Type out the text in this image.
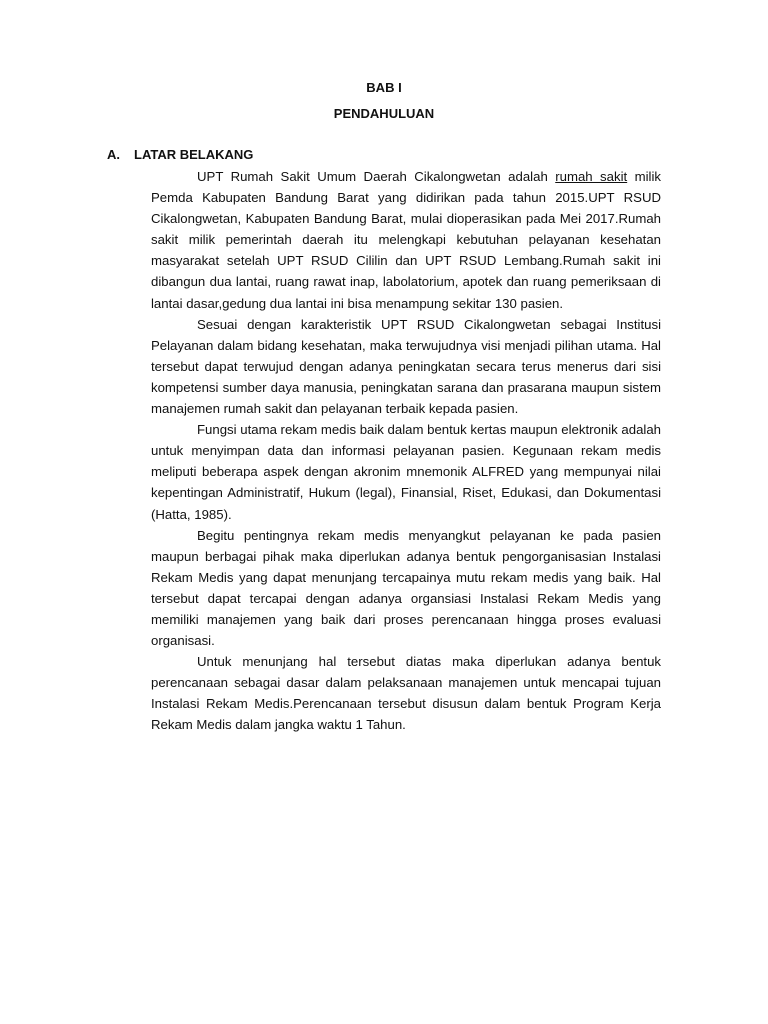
BAB I
PENDAHULUAN
A. LATAR BELAKANG

UPT Rumah Sakit Umum Daerah Cikalongwetan adalah rumah sakit milik Pemda Kabupaten Bandung Barat yang didirikan pada tahun 2015.UPT RSUD Cikalongwetan, Kabupaten Bandung Barat, mulai dioperasikan pada Mei 2017.Rumah sakit milik pemerintah daerah itu melengkapi kebutuhan pelayanan kesehatan masyarakat setelah UPT RSUD Cililin dan UPT RSUD Lembang.Rumah sakit ini dibangun dua lantai, ruang rawat inap, labolatorium, apotek dan ruang pemeriksaan di lantai dasar,gedung dua lantai ini bisa menampung sekitar 130 pasien.

Sesuai dengan karakteristik UPT RSUD Cikalongwetan sebagai Institusi Pelayanan dalam bidang kesehatan, maka terwujudnya visi menjadi pilihan utama. Hal tersebut dapat terwujud dengan adanya peningkatan secara terus menerus dari sisi kompetensi sumber daya manusia, peningkatan sarana dan prasarana maupun sistem manajemen rumah sakit dan pelayanan terbaik kepada pasien.

Fungsi utama rekam medis baik dalam bentuk kertas maupun elektronik adalah untuk menyimpan data dan informasi pelayanan pasien. Kegunaan rekam medis meliputi beberapa aspek dengan akronim mnemonik ALFRED yang mempunyai nilai kepentingan Administratif, Hukum (legal), Finansial, Riset, Edukasi, dan Dokumentasi (Hatta, 1985).

Begitu pentingnya rekam medis menyangkut pelayanan ke pada pasien maupun berbagai pihak maka diperlukan adanya bentuk pengorganisasian Instalasi Rekam Medis yang dapat menunjang tercapainya mutu rekam medis yang baik. Hal tersebut dapat tercapai dengan adanya organsiasi Instalasi Rekam Medis yang memiliki manajemen yang baik dari proses perencanaan hingga proses evaluasi organisasi.

Untuk menunjang hal tersebut diatas maka diperlukan adanya bentuk perencanaan sebagai dasar dalam pelaksanaan manajemen untuk mencapai tujuan Instalasi Rekam Medis.Perencanaan tersebut disusun dalam bentuk Program Kerja Rekam Medis dalam jangka waktu 1 Tahun.
